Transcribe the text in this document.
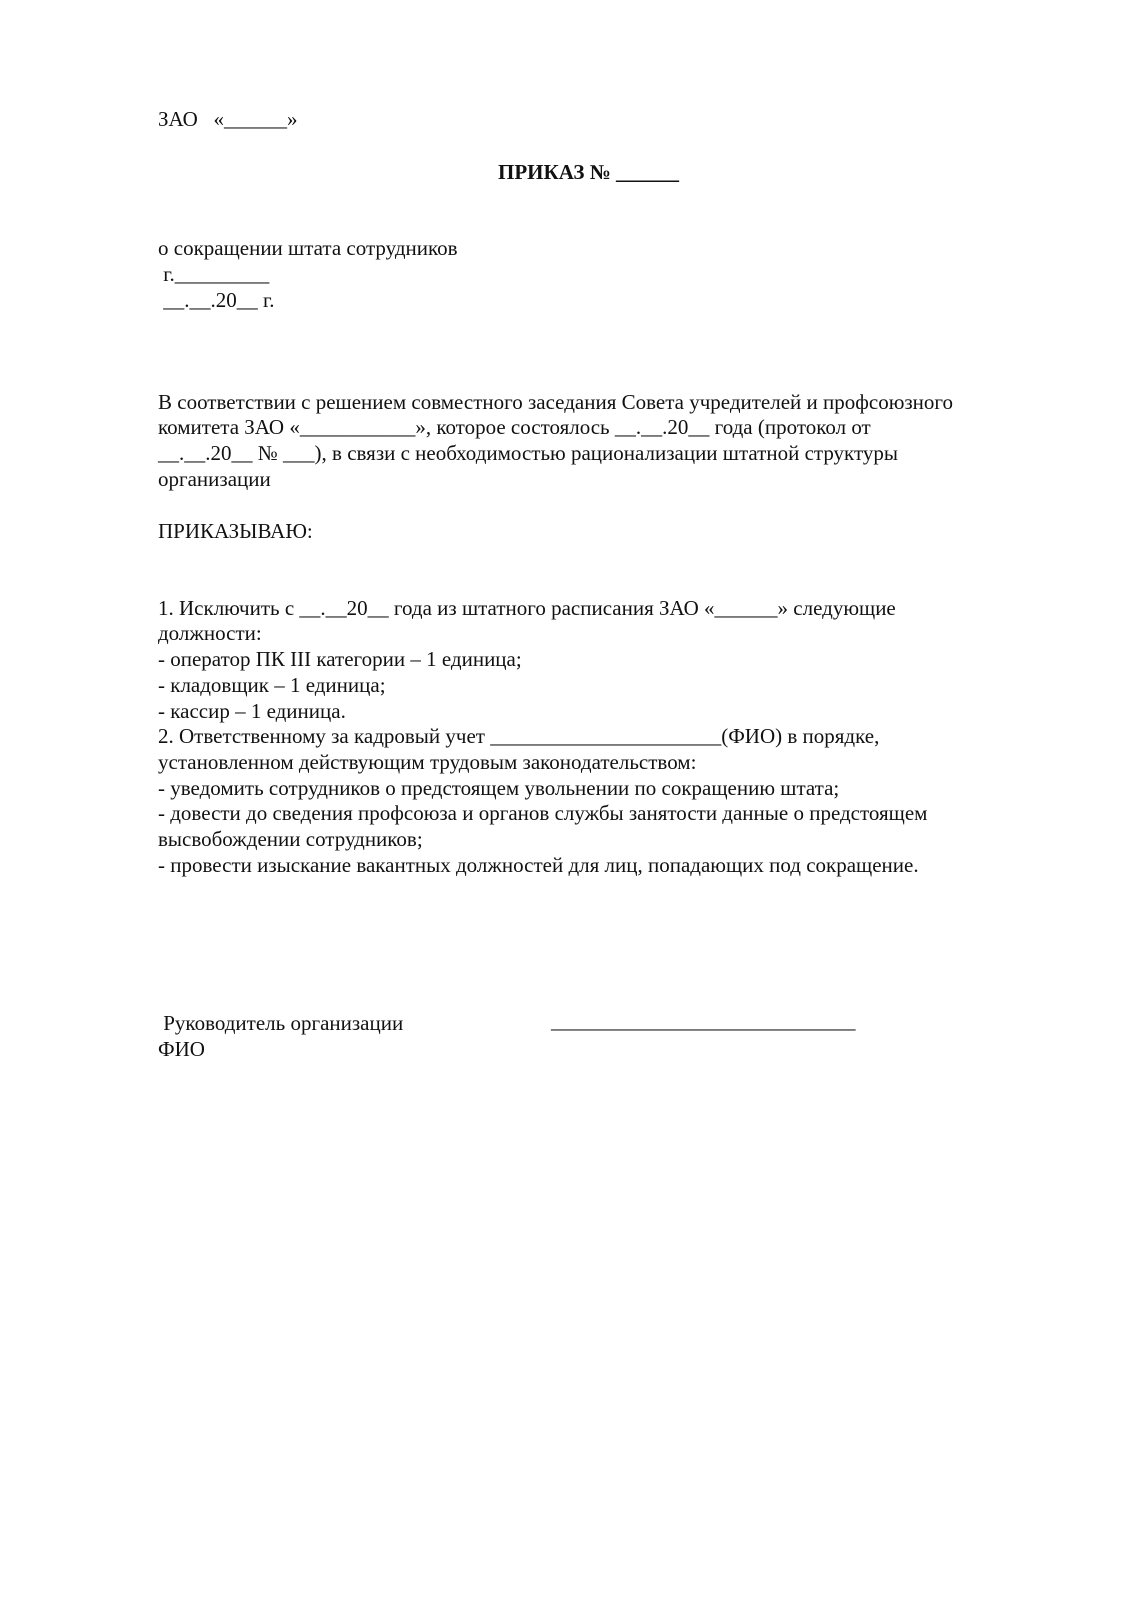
ЗАО   «______»
ПРИКАЗ № ______
о сокращении штата сотрудников
г._________
__.__.20__ г.
В соответствии с решением совместного заседания Совета учредителей и профсоюзного
комитета ЗАО «___________», которое состоялось __.__.20__ года (протокол от
__.__.20__ № ___), в связи с необходимостью рационализации штатной структуры
организации
ПРИКАЗЫВАЮ:
1. Исключить с __.__20__ года из штатного расписания ЗАО «______» следующие
должности:
- оператор ПК III категории – 1 единица;
- кладовщик – 1 единица;
- кассир – 1 единица.
2. Ответственному за кадровый учет ______________________(ФИО) в порядке,
установленном действующим трудовым законодательством:
- уведомить сотрудников о предстоящем увольнении по сокращению штата;
- довести до сведения профсоюза и органов службы занятости данные о предстоящем
высвобождении сотрудников;
- провести изыскание вакантных должностей для лиц, попадающих под сокращение.
Руководитель организации	_____________________________
ФИО
